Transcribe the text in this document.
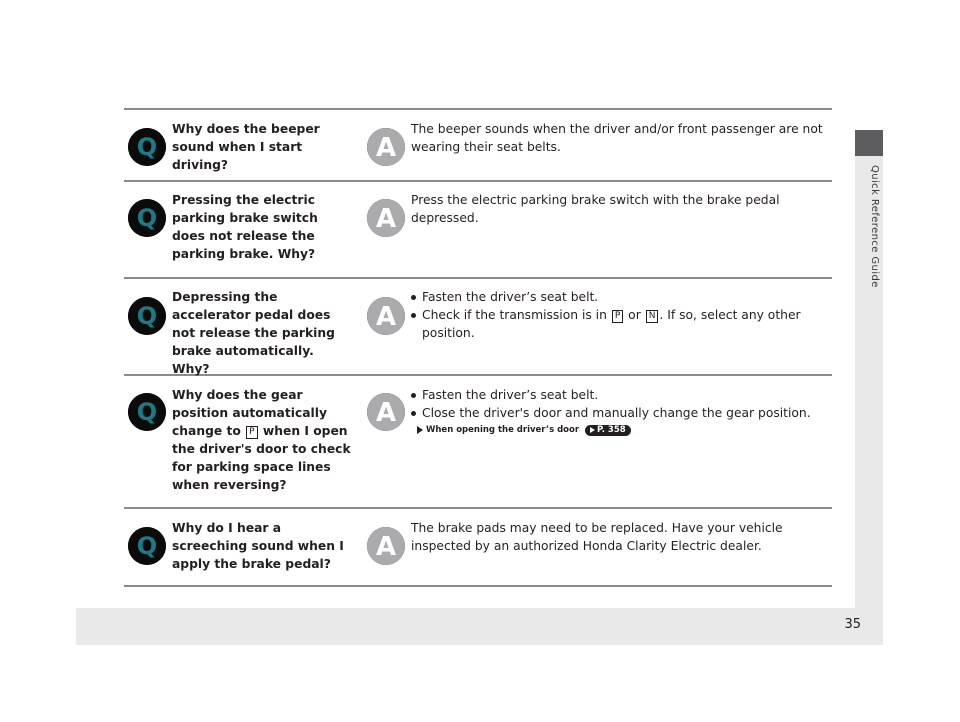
Quick Reference Guide
35
Q
Why does the beeper sound when I start driving?
A
The beeper sounds when the driver and/or front passenger are not wearing their seat belts.
Q
Pressing the electric parking brake switch does not release the parking brake. Why?
A
Press the electric parking brake switch with the brake pedal depressed.
Q
Depressing the accelerator pedal does not release the parking brake automatically. Why?
A
Fasten the driver’s seat belt.
Check if the transmission is in P or N . If so, select any other position.
Q
Why does the gear position automatically change to P when I open the driver's door to check for parking space lines when reversing?
A
Fasten the driver’s seat belt.
Close the driver's door and manually change the gear position.
When opening the driver’s door P. 358
Q
Why do I hear a screeching sound when I apply the brake pedal?
A
The brake pads may need to be replaced. Have your vehicle inspected by an authorized Honda Clarity Electric dealer.
